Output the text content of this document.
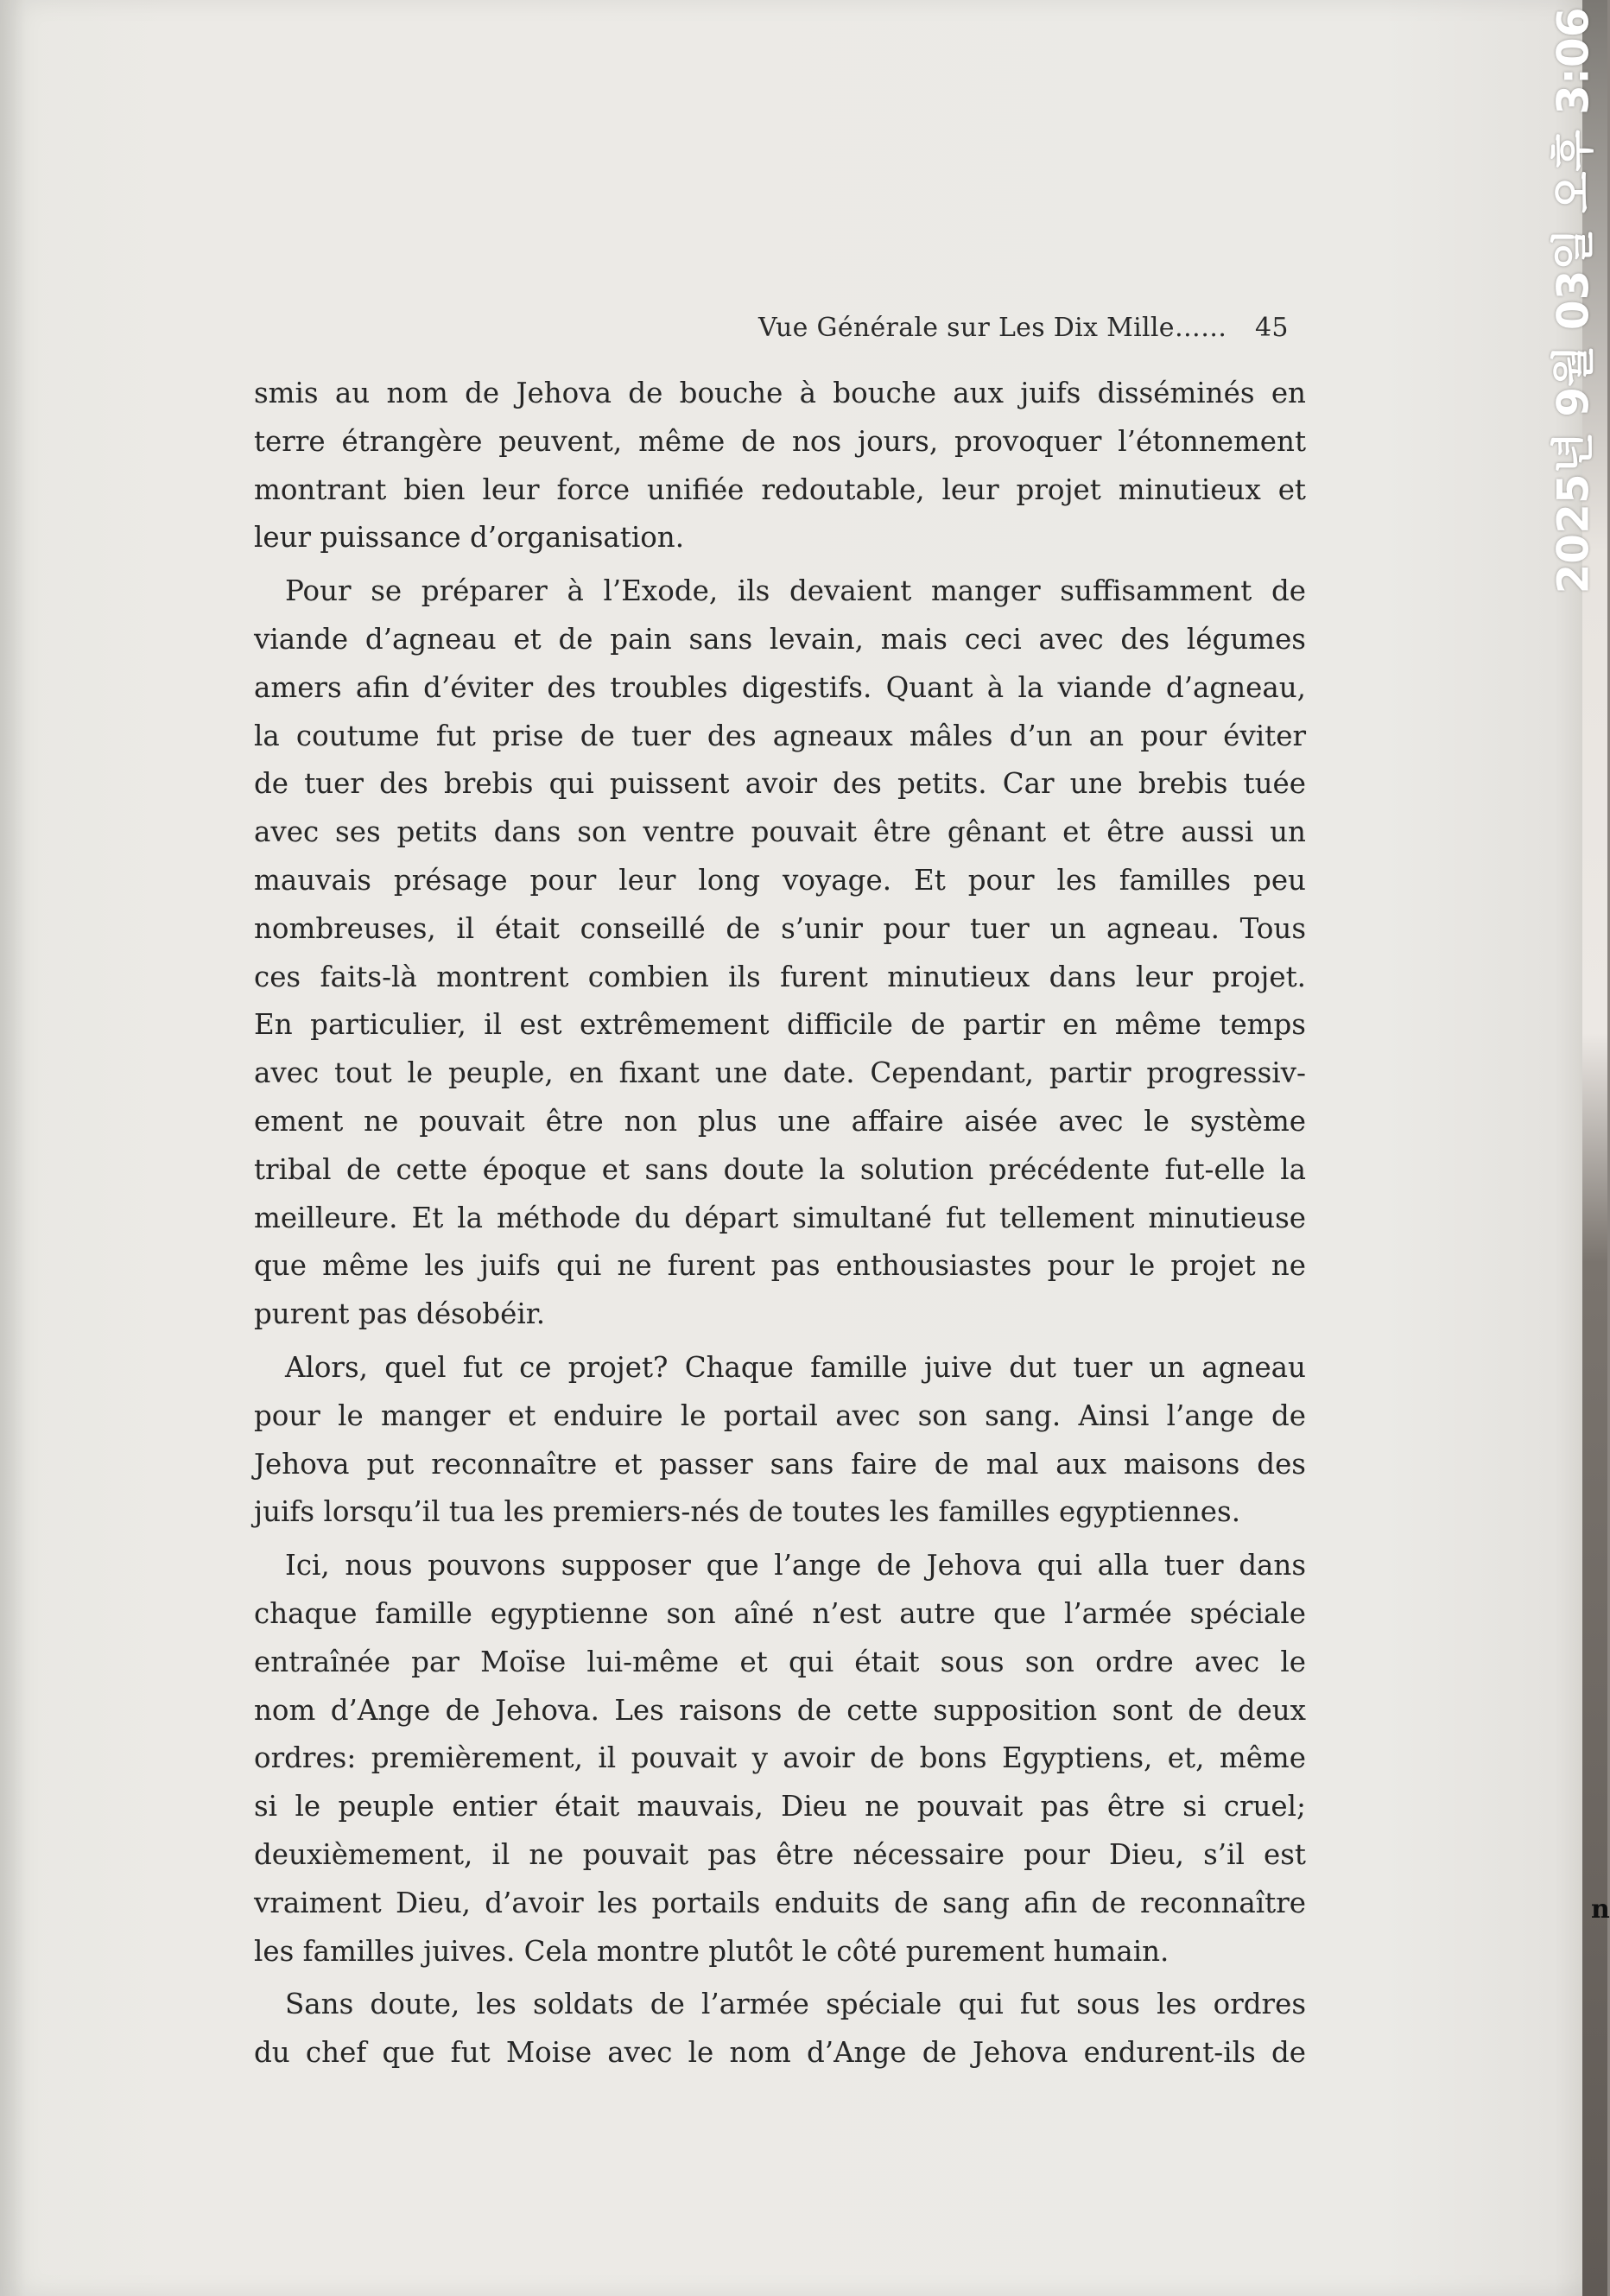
Vue Générale sur Les Dix Mille…… 45
smis au nom de Jehova de bouche à bouche aux juifs disséminés en
terre étrangère peuvent, même de nos jours, provoquer l’étonnement
montrant bien leur force unifiée redoutable, leur projet minutieux et
leur puissance d’organisation.
Pour se préparer à l’Exode, ils devaient manger suffisamment de
viande d’agneau et de pain sans levain, mais ceci avec des légumes
amers afin d’éviter des troubles digestifs. Quant à la viande d’agneau,
la coutume fut prise de tuer des agneaux mâles d’un an pour éviter
de tuer des brebis qui puissent avoir des petits. Car une brebis tuée
avec ses petits dans son ventre pouvait être gênant et être aussi un
mauvais présage pour leur long voyage. Et pour les familles peu
nombreuses, il était conseillé de s’unir pour tuer un agneau. Tous
ces faits-là montrent combien ils furent minutieux dans leur projet.
En particulier, il est extrêmement difficile de partir en même temps
avec tout le peuple, en fixant une date. Cependant, partir progressiv-
ement ne pouvait être non plus une affaire aisée avec le système
tribal de cette époque et sans doute la solution précédente fut-elle la
meilleure. Et la méthode du départ simultané fut tellement minutieuse
que même les juifs qui ne furent pas enthousiastes pour le projet ne
purent pas désobéir.
Alors, quel fut ce projet? Chaque famille juive dut tuer un agneau
pour le manger et enduire le portail avec son sang. Ainsi l’ange de
Jehova put reconnaître et passer sans faire de mal aux maisons des
juifs lorsqu’il tua les premiers-nés de toutes les familles egyptiennes.
Ici, nous pouvons supposer que l’ange de Jehova qui alla tuer dans
chaque famille egyptienne son aîné n’est autre que l’armée spéciale
entraînée par Moïse lui-même et qui était sous son ordre avec le
nom d’Ange de Jehova. Les raisons de cette supposition sont de deux
ordres: premièrement, il pouvait y avoir de bons Egyptiens, et, même
si le peuple entier était mauvais, Dieu ne pouvait pas être si cruel;
deuxièmement, il ne pouvait pas être nécessaire pour Dieu, s’il est
vraiment Dieu, d’avoir les portails enduits de sang afin de reconnaître
les familles juives. Cela montre plutôt le côté purement humain.
Sans doute, les soldats de l’armée spéciale qui fut sous les ordres
du chef que fut Moise avec le nom d’Ange de Jehova endurent-ils de
n
2025년 9월 03일 오후 3:06
